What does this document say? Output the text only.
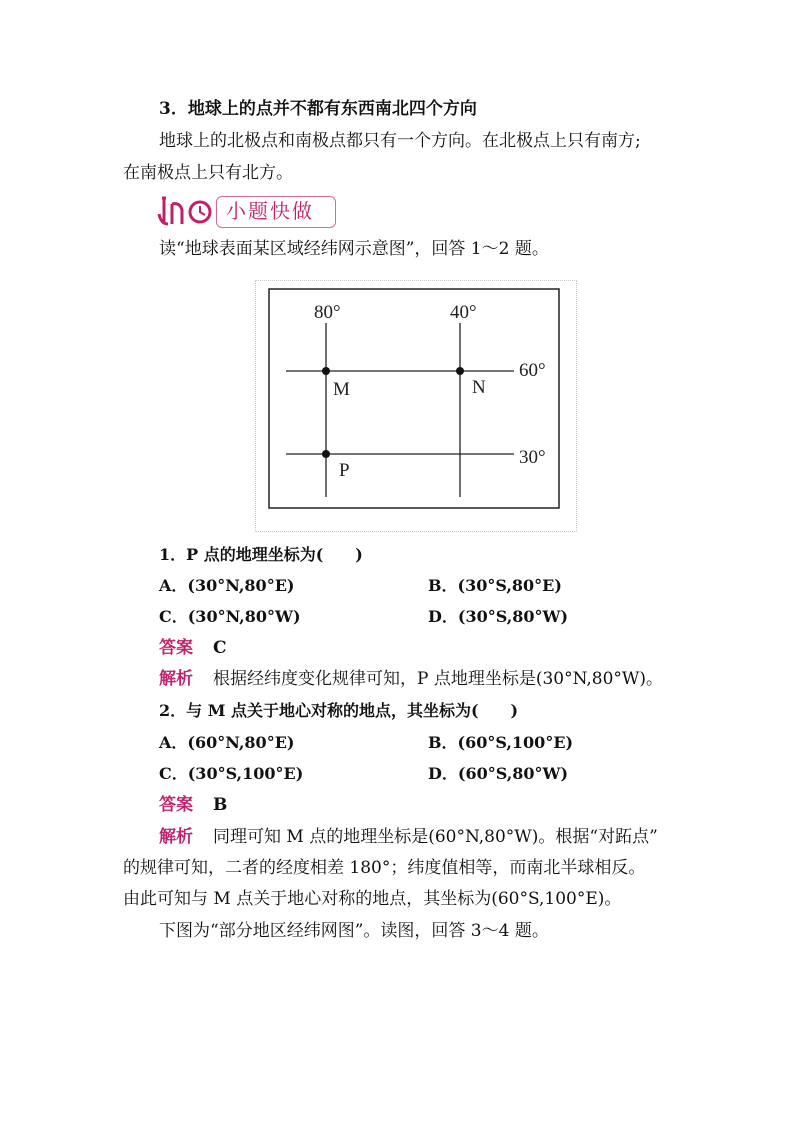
3．地球上的点并不都有东西南北四个方向
地球上的北极点和南极点都只有一个方向。在北极点上只有南方;
在南极点上只有北方。
小题快做
读“地球表面某区域经纬网示意图”，回答 1～2 题。
80°	40°
60°
30°
M	N
P
1．P 点的地理坐标为(　　)
A．(30°N,80°E)	B．(30°S,80°E)
C．(30°N,80°W)	D．(30°S,80°W)
答案 C
解析 根据经纬度变化规律可知，P 点地理坐标是(30°N,80°W)。
2．与 M 点关于地心对称的地点，其坐标为(　　)
A．(60°N,80°E)	B．(60°S,100°E)
C．(30°S,100°E)	D．(60°S,80°W)
答案 B
解析 同理可知 M 点的地理坐标是(60°N,80°W)。根据“对跖点”
的规律可知，二者的经度相差 180°；纬度值相等，而南北半球相反。
由此可知与 M 点关于地心对称的地点，其坐标为(60°S,100°E)。
下图为“部分地区经纬网图”。读图，回答 3～4 题。
